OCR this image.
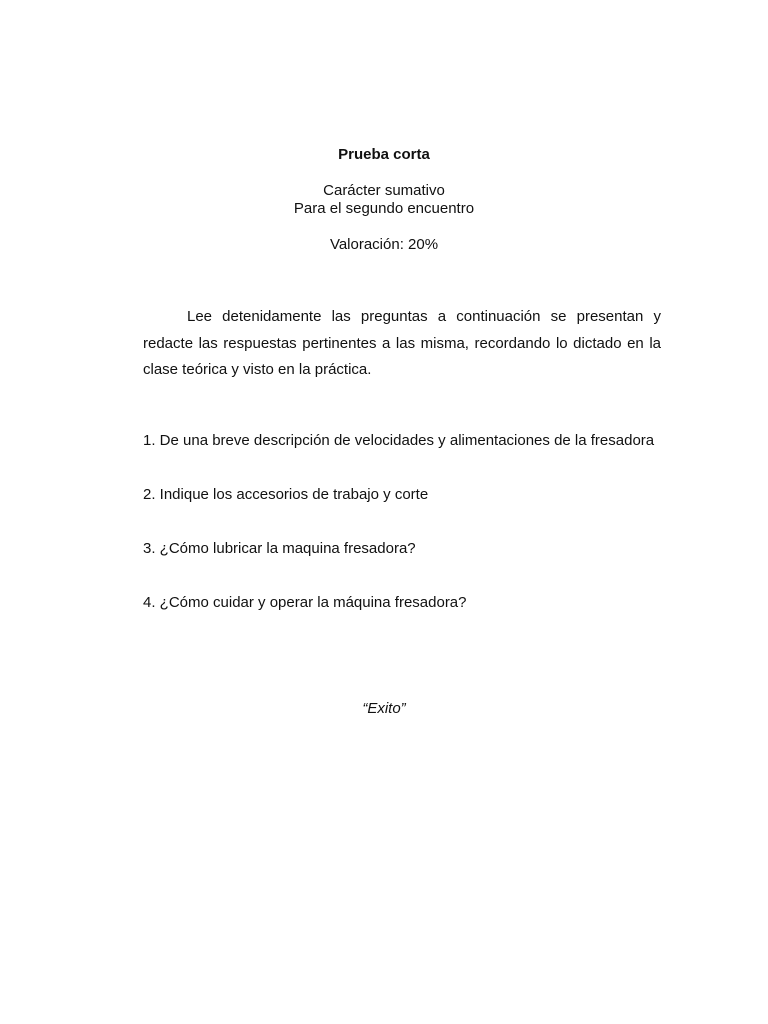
Prueba corta

Carácter sumativo

Para el segundo encuentro

Valoración: 20%

Lee detenidamente las preguntas a continuación se presentan y redacte las respuestas pertinentes a las misma, recordando lo dictado en la clase teórica y visto en la práctica.

1. De una breve descripción de velocidades y alimentaciones de la fresadora

2. Indique los accesorios de trabajo y corte

3. ¿Cómo lubricar la maquina fresadora?

4. ¿Cómo cuidar y operar la máquina fresadora?

“Exito”
